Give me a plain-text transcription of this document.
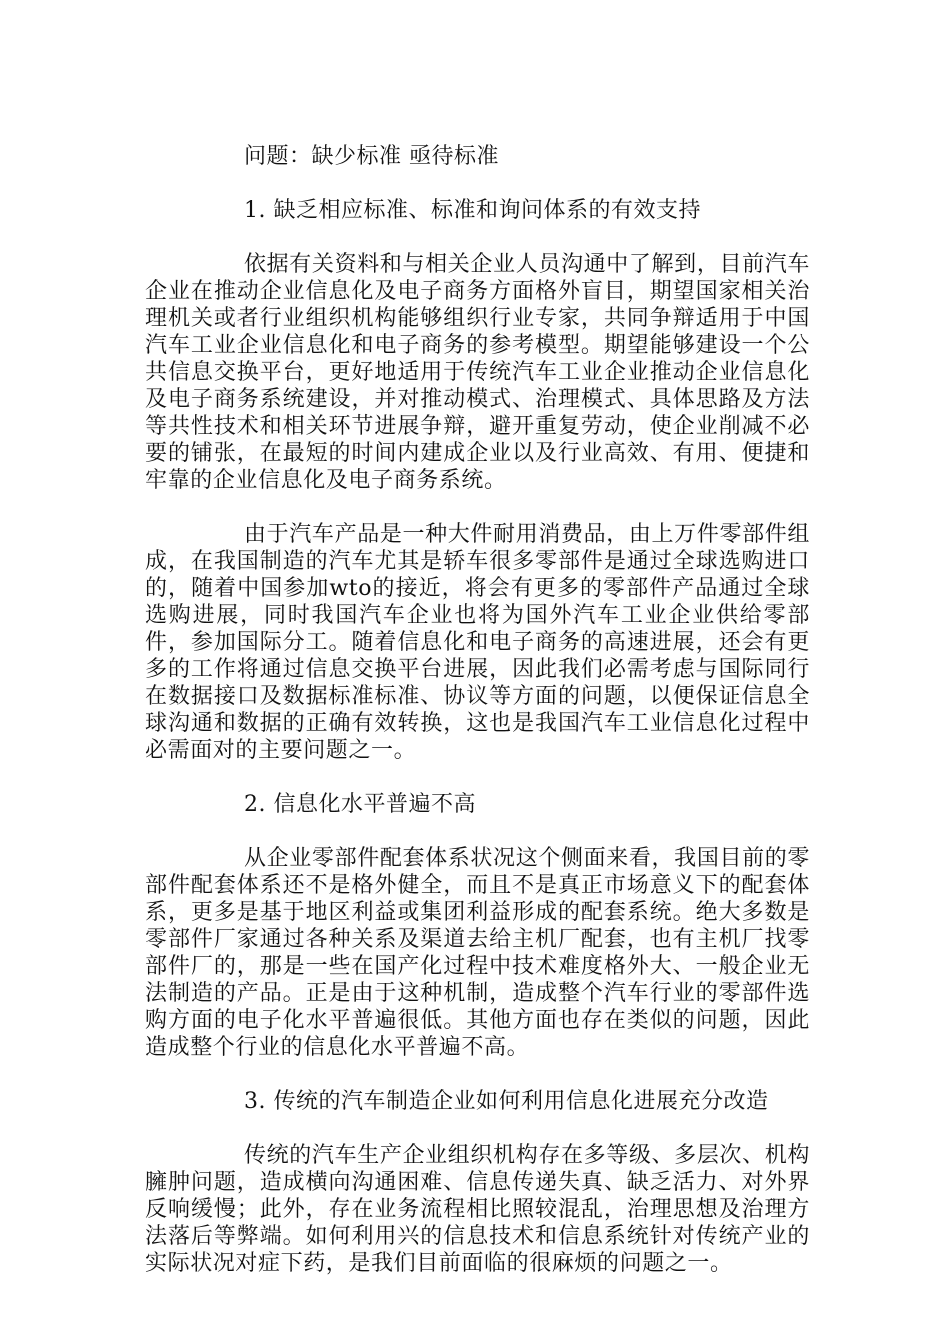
问题：缺少标准 亟待标准

1. 缺乏相应标准、标准和询问体系的有效支持

依据有关资料和与相关企业人员沟通中了解到，目前汽车企业在推动企业信息化及电子商务方面格外盲目，期望国家相关治理机关或者行业组织机构能够组织行业专家，共同争辩适用于中国汽车工业企业信息化和电子商务的参考模型。期望能够建设一个公共信息交换平台，更好地适用于传统汽车工业企业推动企业信息化及电子商务系统建设，并对推动模式、治理模式、具体思路及方法等共性技术和相关环节进展争辩，避开重复劳动，使企业削减不必要的铺张，在最短的时间内建成企业以及行业高效、有用、便捷和牢靠的企业信息化及电子商务系统。

由于汽车产品是一种大件耐用消费品，由上万件零部件组成，在我国制造的汽车尤其是轿车很多零部件是通过全球选购进口的，随着中国参加wto的接近，将会有更多的零部件产品通过全球选购进展，同时我国汽车企业也将为国外汽车工业企业供给零部件，参加国际分工。随着信息化和电子商务的高速进展，还会有更多的工作将通过信息交换平台进展，因此我们必需考虑与国际同行在数据接口及数据标准标准、协议等方面的问题，以便保证信息全球沟通和数据的正确有效转换，这也是我国汽车工业信息化过程中必需面对的主要问题之一。

2. 信息化水平普遍不高

从企业零部件配套体系状况这个侧面来看，我国目前的零部件配套体系还不是格外健全，而且不是真正市场意义下的配套体系，更多是基于地区利益或集团利益形成的配套系统。绝大多数是零部件厂家通过各种关系及渠道去给主机厂配套，也有主机厂找零部件厂的，那是一些在国产化过程中技术难度格外大、一般企业无法制造的产品。正是由于这种机制，造成整个汽车行业的零部件选购方面的电子化水平普遍很低。其他方面也存在类似的问题，因此造成整个行业的信息化水平普遍不高。

3. 传统的汽车制造企业如何利用信息化进展充分改造

传统的汽车生产企业组织机构存在多等级、多层次、机构臃肿问题，造成横向沟通困难、信息传递失真、缺乏活力、对外界反响缓慢；此外，存在业务流程相比照较混乱，治理思想及治理方法落后等弊端。如何利用兴的信息技术和信息系统针对传统产业的实际状况对症下药，是我们目前面临的很麻烦的问题之一。
